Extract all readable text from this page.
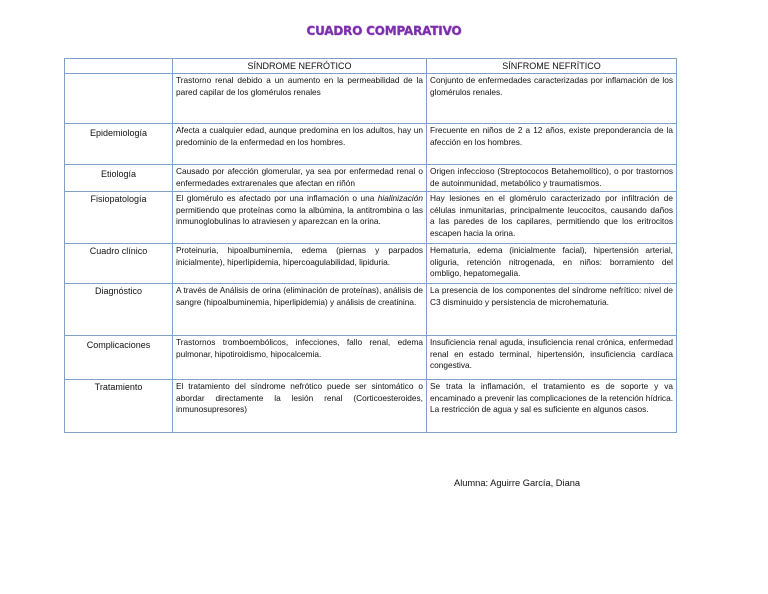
CUADRO COMPARATIVO
	SÍNDROME NEFRÓTICO	SÍNFROME NEFRÍTICO
	Trastorno renal debido a un aumento en la permeabilidad de la pared capilar de los glomérulos renales	Conjunto de enfermedades caracterizadas por inflamación de los glomérulos renales.
Epidemiología	Afecta a cualquier edad, aunque predomina en los adultos, hay un predominio de la enfermedad en los hombres.	Frecuente en niños de 2 a 12 años, existe preponderancia de la afección en los hombres.
Etiología	Causado por afección glomerular, ya sea por enfermedad renal o enfermedades extrarenales que afectan en riñón	Origen infeccioso (Streptococos Betahemolítico), o por trastornos de autoinmunidad, metabólico y traumatismos.
Fisiopatología	El glomérulo es afectado por una inflamación o una hialinización permitiendo que proteínas como la albúmina, la antitrombina o las inmunoglobulinas lo atraviesen y aparezcan en la orina.	Hay lesiones en el glomérulo caracterizado por infiltración de células inmunitarias, principalmente leucocitos, causando daños a las paredes de los capilares, permitiendo que los eritrocitos escapen hacia la orina.
Cuadro clínico	Proteinuria, hipoalbuminemia, edema (piernas y parpados inicialmente), hiperlipidemia, hipercoagulabilidad, lipiduria.	Hematuria, edema (inicialmente facial), hipertensión arterial, oliguria, retención nitrogenada, en niños: borramiento del ombligo, hepatomegalia.
Diagnóstico	A través de Análisis de orina (eliminación de proteínas), análisis de sangre (hipoalbuminemia, hiperlipidemia) y análisis de creatinina.	La presencia de los componentes del síndrome nefrítico: nivel de C3 disminuido y persistencia de microhematuria.
Complicaciones	Trastornos tromboembólicos, infecciones, fallo renal, edema pulmonar, hipotiroidismo, hipocalcemia.	Insuficiencia renal aguda, insuficiencia renal crónica, enfermedad renal en estado terminal, hipertensión, insuficiencia cardíaca congestiva.
Tratamiento	El tratamiento del síndrome nefrótico puede ser sintomático o abordar directamente la lesión renal (Corticoesteroides, inmunosupresores)	Se trata la inflamación, el tratamiento es de soporte y va encaminado a prevenir las complicaciones de la retención hídrica. La restricción de agua y sal es suficiente en algunos casos.
Alumna: Aguirre García, Diana
